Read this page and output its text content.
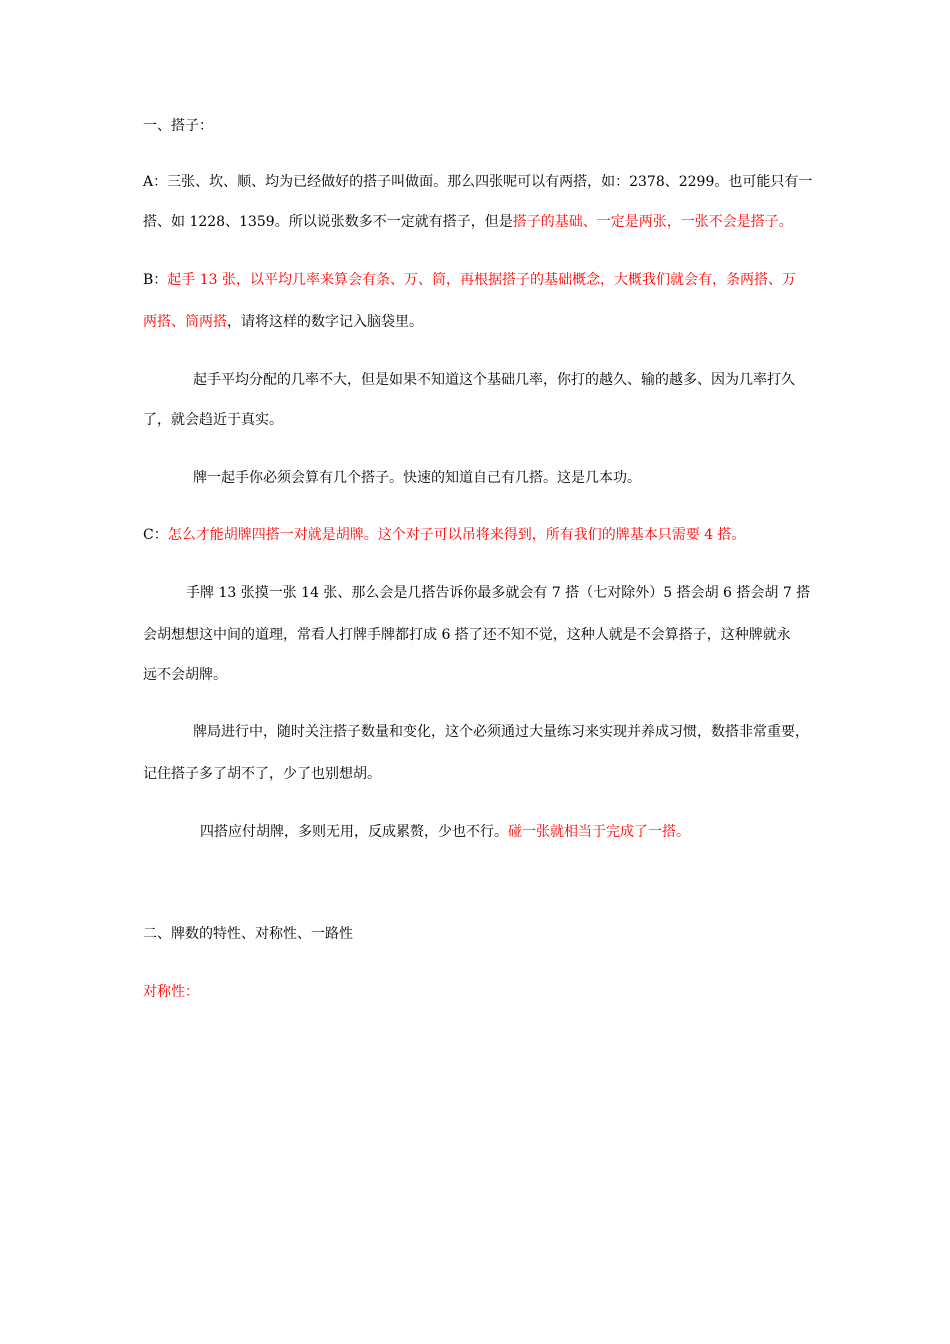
一、搭子：
A：三张、坎、顺、均为已经做好的搭子叫做面。那么四张呢可以有两搭，如：2378、2299。也可能只有一
搭、如 1228、1359。所以说张数多不一定就有搭子，但是搭子的基础、一定是两张，一张不会是搭子。
B：起手 13 张，以平均几率来算会有条、万、筒，再根据搭子的基础概念，大概我们就会有，条两搭、万
两搭、筒两搭，请将这样的数字记入脑袋里。
起手平均分配的几率不大，但是如果不知道这个基础几率，你打的越久、输的越多、因为几率打久
了，就会趋近于真实。
牌一起手你必须会算有几个搭子。快速的知道自己有几搭。这是几本功。
C：怎么才能胡牌四搭一对就是胡牌。这个对子可以吊将来得到，所有我们的牌基本只需要 4 搭。
手牌 13 张摸一张 14 张、那么会是几搭告诉你最多就会有 7 搭（七对除外）5 搭会胡 6 搭会胡 7 搭
会胡想想这中间的道理，常看人打牌手牌都打成 6 搭了还不知不觉，这种人就是不会算搭子，这种牌就永
远不会胡牌。
牌局进行中，随时关注搭子数量和变化，这个必须通过大量练习来实现并养成习惯，数搭非常重要，
记住搭子多了胡不了，少了也别想胡。
四搭应付胡牌，多则无用，反成累赘，少也不行。碰一张就相当于完成了一搭。
二、牌数的特性、对称性、一路性
对称性：
